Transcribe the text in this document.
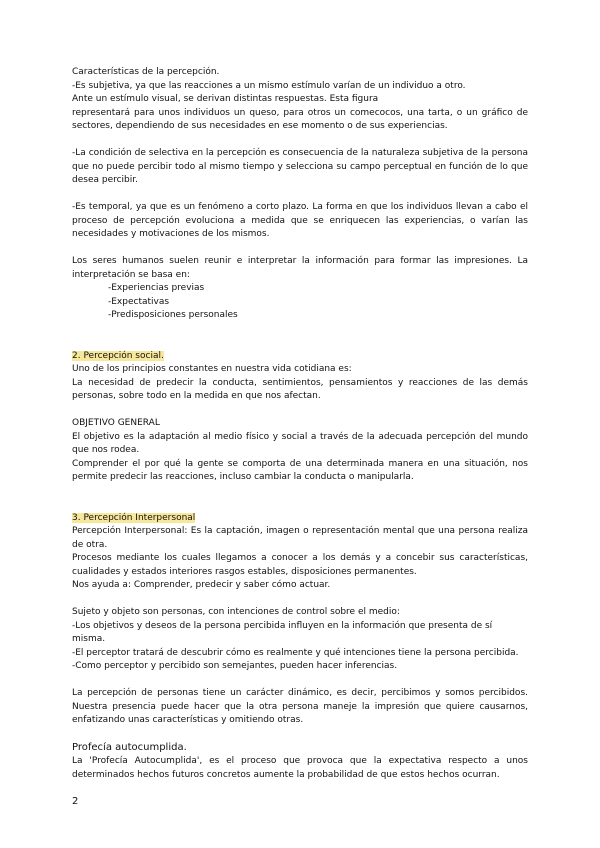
Características de la percepción.

-Es subjetiva, ya que las reacciones a un mismo estímulo varían de un individuo a otro.

Ante un estímulo visual, se derivan distintas respuestas. Esta figura

representará para unos individuos un queso, para otros un comecocos, una tarta, o un gráfico de sectores, dependiendo de sus necesidades en ese momento o de sus experiencias.

-La condición de selectiva en la percepción es consecuencia de la naturaleza subjetiva de la persona que no puede percibir todo al mismo tiempo y selecciona su campo perceptual en función de lo que desea percibir.

-Es temporal, ya que es un fenómeno a corto plazo. La forma en que los individuos llevan a cabo el proceso de percepción evoluciona a medida que se enriquecen las experiencias, o varían las necesidades y motivaciones de los mismos.

Los seres humanos suelen reunir e interpretar la información para formar las impresiones. La interpretación se basa en:

-Experiencias previas

-Expectativas

-Predisposiciones personales

2. Percepción social.

Uno de los principios constantes en nuestra vida cotidiana es:

La necesidad de predecir la conducta, sentimientos, pensamientos y reacciones de las demás personas, sobre todo en la medida en que nos afectan.

OBJETIVO GENERAL

El objetivo es la adaptación al medio físico y social a través de la adecuada percepción del mundo que nos rodea.

Comprender el por qué la gente se comporta de una determinada manera en una situación, nos permite predecir las reacciones, incluso cambiar la conducta o manipularla.

3. Percepción Interpersonal

Percepción Interpersonal: Es la captación, imagen o representación mental que una persona realiza de otra.

Procesos mediante los cuales llegamos a conocer a los demás y a concebir sus características, cualidades y estados interiores rasgos estables, disposiciones permanentes.

Nos ayuda a: Comprender, predecir y saber cómo actuar.

Sujeto y objeto son personas, con intenciones de control sobre el medio:

-Los objetivos y deseos de la persona percibida influyen en la información que presenta de sí misma.

-El perceptor tratará de descubrir cómo es realmente y qué intenciones tiene la persona percibida.

-Como perceptor y percibido son semejantes, pueden hacer inferencias.

La percepción de personas tiene un carácter dinámico, es decir, percibimos y somos percibidos. Nuestra presencia puede hacer que la otra persona maneje la impresión que quiere causarnos, enfatizando unas características y omitiendo otras.

Profecía autocumplida.

La 'Profecía Autocumplida', es el proceso que provoca que la expectativa respecto a unos determinados hechos futuros concretos aumente la probabilidad de que estos hechos ocurran.

2
